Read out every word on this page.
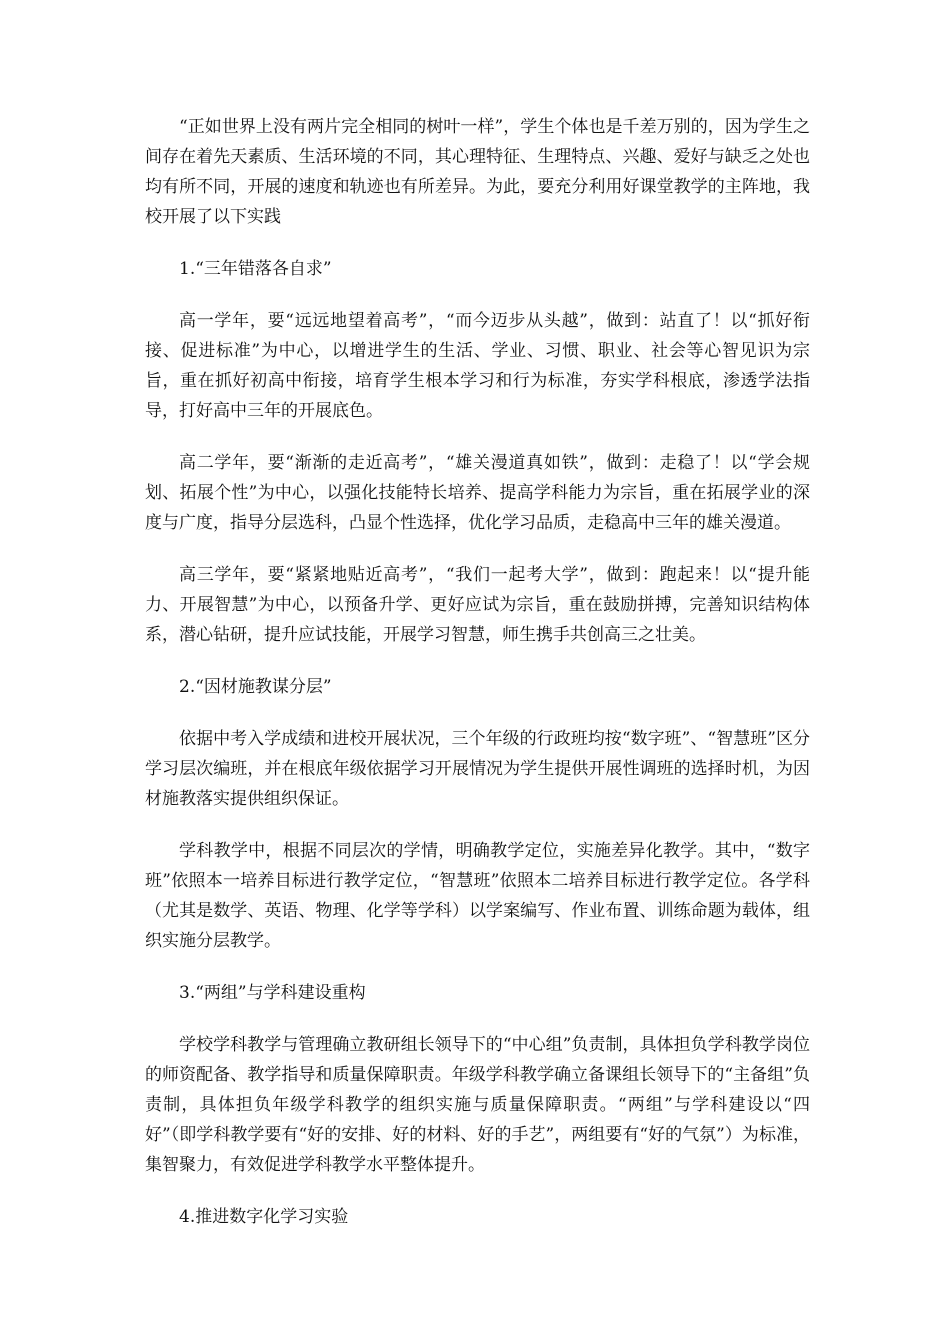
“正如世界上没有两片完全相同的树叶一样”，学生个体也是千差万别的，因为学生之间存在着先天素质、生活环境的不同，其心理特征、生理特点、兴趣、爱好与缺乏之处也均有所不同，开展的速度和轨迹也有所差异。为此，要充分利用好课堂教学的主阵地，我校开展了以下实践

1.“三年错落各自求”

高一学年，要“远远地望着高考”，“而今迈步从头越”，做到：站直了！以“抓好衔接、促进标准”为中心，以增进学生的生活、学业、习惯、职业、社会等心智见识为宗旨，重在抓好初高中衔接，培育学生根本学习和行为标准，夯实学科根底，渗透学法指导，打好高中三年的开展底色。

高二学年，要“渐渐的走近高考”，“雄关漫道真如铁”，做到：走稳了！以“学会规划、拓展个性”为中心，以强化技能特长培养、提高学科能力为宗旨，重在拓展学业的深度与广度，指导分层选科，凸显个性选择，优化学习品质，走稳高中三年的雄关漫道。

高三学年，要“紧紧地贴近高考”，“我们一起考大学”，做到：跑起来！以“提升能力、开展智慧”为中心，以预备升学、更好应试为宗旨，重在鼓励拼搏，完善知识结构体系，潜心钻研，提升应试技能，开展学习智慧，师生携手共创高三之壮美。

2.“因材施教谋分层”

依据中考入学成绩和进校开展状况，三个年级的行政班均按“数字班”、“智慧班”区分学习层次编班，并在根底年级依据学习开展情况为学生提供开展性调班的选择时机，为因材施教落实提供组织保证。

学科教学中，根据不同层次的学情，明确教学定位，实施差异化教学。其中，“数字班”依照本一培养目标进行教学定位，“智慧班”依照本二培养目标进行教学定位。各学科（尤其是数学、英语、物理、化学等学科）以学案编写、作业布置、训练命题为载体，组织实施分层教学。

3.“两组”与学科建设重构

学校学科教学与管理确立教研组长领导下的“中心组”负责制，具体担负学科教学岗位的师资配备、教学指导和质量保障职责。年级学科教学确立备课组长领导下的“主备组”负责制，具体担负年级学科教学的组织实施与质量保障职责。“两组”与学科建设以“四好”（即学科教学要有“好的安排、好的材料、好的手艺”，两组要有“好的气氛”）为标准，集智聚力，有效促进学科教学水平整体提升。

4.推进数字化学习实验
